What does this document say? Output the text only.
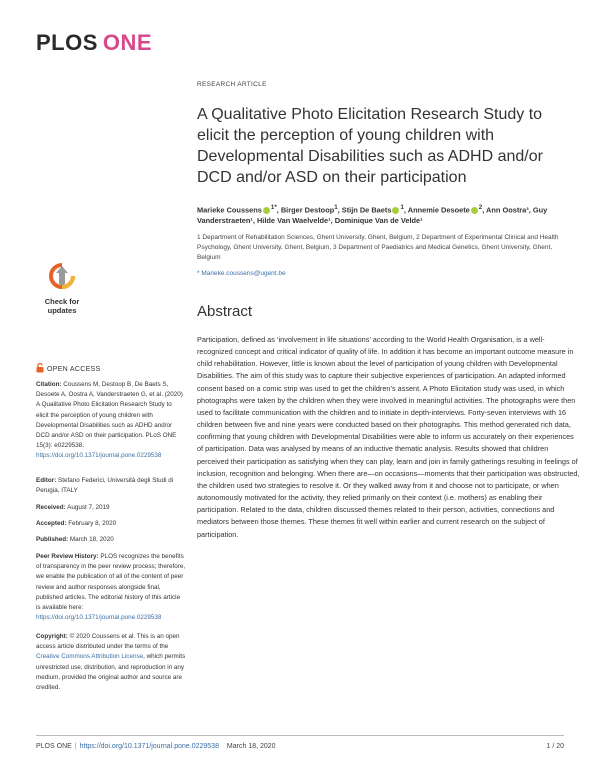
PLOS ONE
RESEARCH ARTICLE
A Qualitative Photo Elicitation Research Study to elicit the perception of young children with Developmental Disabilities such as ADHD and/or DCD and/or ASD on their participation
Marieke Coussens $^{1*}$, Birger Destoop$^1$, Stijn De Baets $^1$, Annemie Desoete $^2$, Ann Oostra³, Guy Vanderstraeten¹, Hilde Van Waelvelde¹, Dominique Van de Velde¹
1 Department of Rehabilitation Sciences, Ghent University, Ghent, Belgium, 2 Department of Experimental Clinical and Health Psychology, Ghent University, Ghent, Belgium, 3 Department of Paediatrics and Medical Genetics, Ghent University, Ghent, Belgium
* Marieke.coussens@ugent.be
Abstract

Participation, defined as ‘involvement in life situations’ according to the World Health Organisation, is a well-recognized concept and critical indicator of quality of life. In addition it has become an important outcome measure in child rehabilitation. However, little is known about the level of participation of young children with Developmental Disabilities. The aim of this study was to capture their subjective experiences of participation. An adapted informed consent based on a comic strip was used to get the children’s assent. A Photo Elicitation study was used, in which photographs were taken by the children when they were involved in meaningful activities. The photographs were then used to facilitate communication with the children and to initiate in depth-interviews. Forty-seven interviews with 16 children between five and nine years were conducted based on their photographs. This method generated rich data, confirming that young children with Developmental Disabilities were able to inform us accurately on their experiences of participation. Data was analysed by means of an inductive thematic analysis. Results showed that children perceived their participation as satisfying when they can play, learn and join in family gatherings resulting in feelings of inclusion, recognition and belonging. When there are—on occasions—moments that their participation was obstructed, the children used two strategies to resolve it. Or they walked away from it and choose not to participate, or when autonomously motivated for the activity, they relied primarily on their context (i.e. mothers) as enabling their participation. Related to the data, children discussed themes related to their person, activities, connections and mediators between those themes. These themes fit well within earlier and current research on the subject of participation.

Check for
updates
OPEN ACCESS

Citation: Coussens M, Destoop B, De Baets S, Desoete A, Oostra A, Vanderstraeten G, et al. (2020) A Qualitative Photo Elicitation Research Study to elicit the perception of young children with Developmental Disabilities such as ADHD and/or DCD and/or ASD on their participation. PLoS ONE 15(3): e0229538. https://doi.org/10.1371/journal.pone.0229538

Editor: Stefano Federici, Università degli Studi di Perugia, ITALY

Received: August 7, 2019

Accepted: February 8, 2020

Published: March 18, 2020

Peer Review History: PLOS recognizes the benefits of transparency in the peer review process; therefore, we enable the publication of all of the content of peer review and author responses alongside final, published articles. The editorial history of this article is available here: https://doi.org/10.1371/journal.pone.0229538

Copyright: © 2020 Coussens et al. This is an open access article distributed under the terms of the Creative Commons Attribution License, which permits unrestricted use, distribution, and reproduction in any medium, provided the original author and source are credited.

PLOS ONE | https://doi.org/10.1371/journal.pone.0229538 March 18, 2020	1 / 20
